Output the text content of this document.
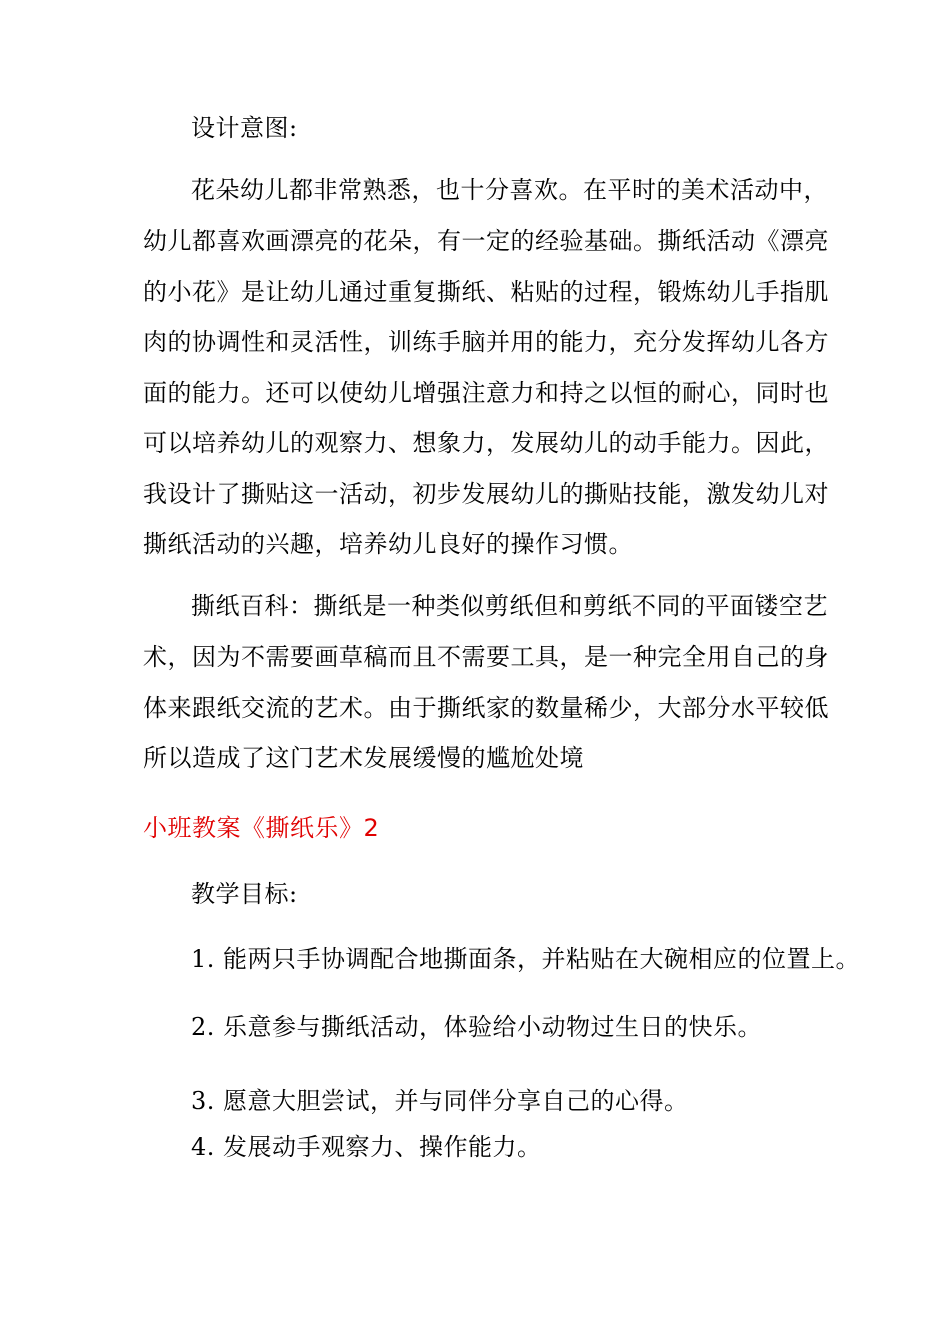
设计意图:
花朵幼儿都非常熟悉，也十分喜欢。在平时的美术活动中，
幼儿都喜欢画漂亮的花朵，有一定的经验基础。撕纸活动《漂亮
的小花》是让幼儿通过重复撕纸、粘贴的过程，锻炼幼儿手指肌
肉的协调性和灵活性，训练手脑并用的能力，充分发挥幼儿各方
面的能力。还可以使幼儿增强注意力和持之以恒的耐心，同时也
可以培养幼儿的观察力、想象力，发展幼儿的动手能力。因此，
我设计了撕贴这一活动，初步发展幼儿的撕贴技能，激发幼儿对
撕纸活动的兴趣，培养幼儿良好的操作习惯。
撕纸百科：撕纸是一种类似剪纸但和剪纸不同的平面镂空艺
术，因为不需要画草稿而且不需要工具，是一种完全用自己的身
体来跟纸交流的艺术。由于撕纸家的数量稀少，大部分水平较低
所以造成了这门艺术发展缓慢的尴尬处境
小班教案《撕纸乐》2
教学目标:
1. 能两只手协调配合地撕面条，并粘贴在大碗相应的位置上。
2. 乐意参与撕纸活动，体验给小动物过生日的快乐。
3. 愿意大胆尝试，并与同伴分享自己的心得。
4. 发展动手观察力、操作能力。
